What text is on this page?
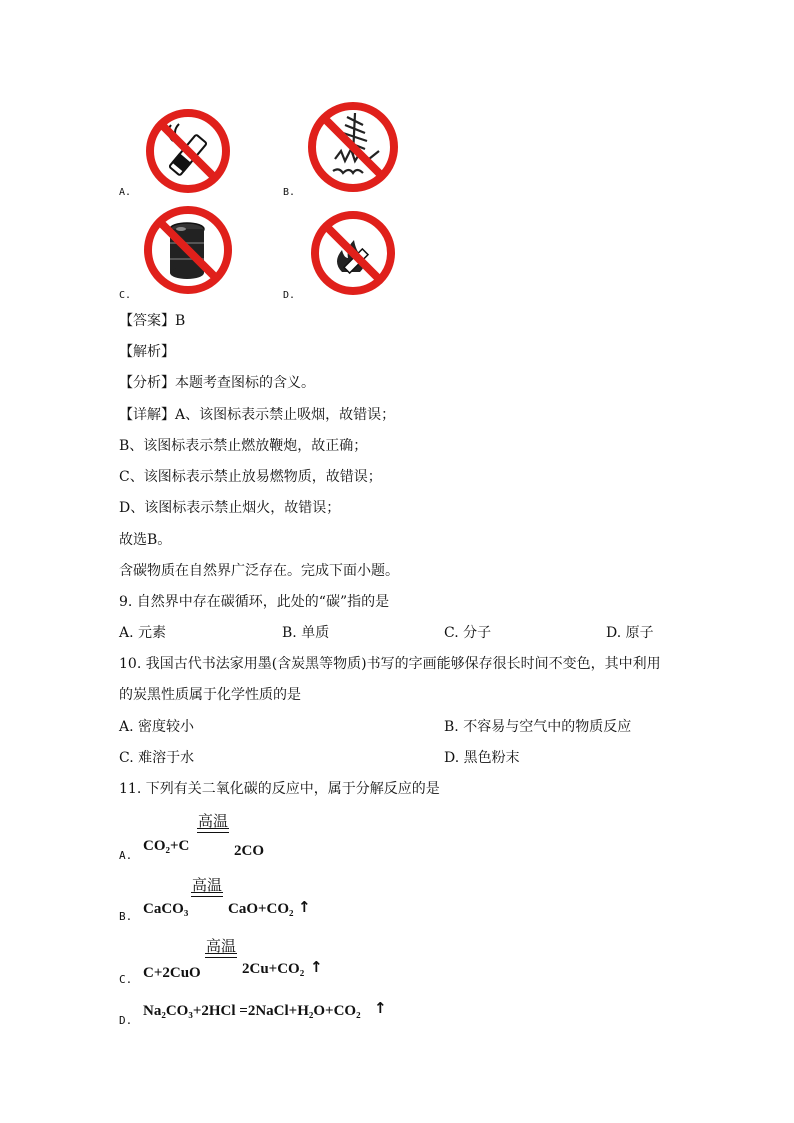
A.	B.
C.	D.
【答案】B
【解析】
【分析】本题考查图标的含义。
【详解】A、该图标表示禁止吸烟，故错误；
B、该图标表示禁止燃放鞭炮，故正确；
C、该图标表示禁止放易燃物质，故错误；
D、该图标表示禁止烟火，故错误；
故选B。
含碳物质在自然界广泛存在。完成下面小题。
9. 自然界中存在碳循环，此处的“碳”指的是
A. 元素	B. 单质	C. 分子	D. 原子
10. 我国古代书法家用墨(含炭黑等物质)书写的字画能够保存很长时间不变色，其中利用
的炭黑性质属于化学性质的是
A. 密度较小	B. 不容易与空气中的物质反应
C. 难溶于水	D. 黑色粉末
11. 下列有关二氧化碳的反应中，属于分解反应的是
A.
高温
CO₂+C	2CO
B.
高温
CaCO₃	CaO+CO₂ ↑
C.
高温
C+2CuO	2Cu+CO₂ ↑
D.
Na₂CO₃+2HCl =2NaCl+H₂O+CO₂ ↑
